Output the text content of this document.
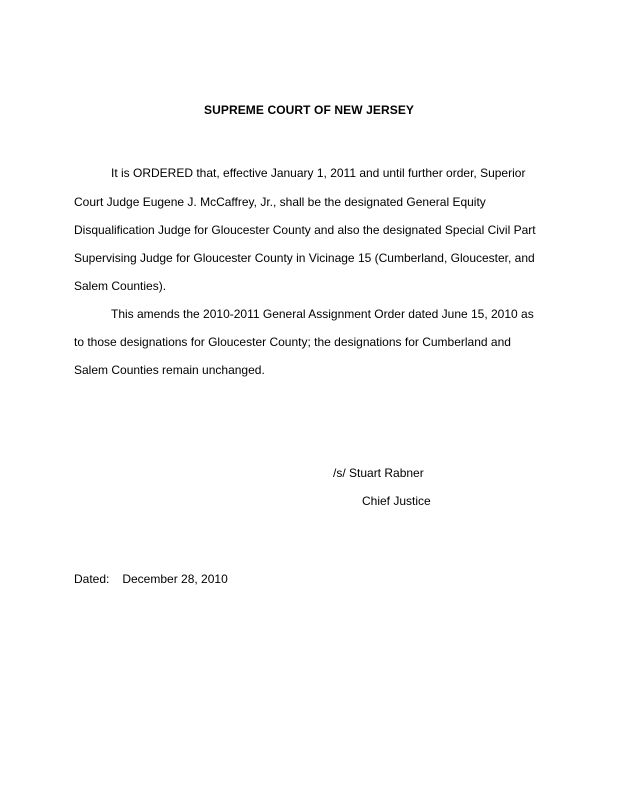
SUPREME COURT OF NEW JERSEY
It is ORDERED that, effective January 1, 2011 and until further order, Superior
Court Judge Eugene J. McCaffrey, Jr., shall be the designated General Equity
Disqualification Judge for Gloucester County and also the designated Special Civil Part
Supervising Judge for Gloucester County in Vicinage 15 (Cumberland, Gloucester, and
Salem Counties).
This amends the 2010-2011 General Assignment Order dated June 15, 2010 as
to those designations for Gloucester County; the designations for Cumberland and
Salem Counties remain unchanged.
/s/ Stuart Rabner
Chief Justice
Dated: December 28, 2010
